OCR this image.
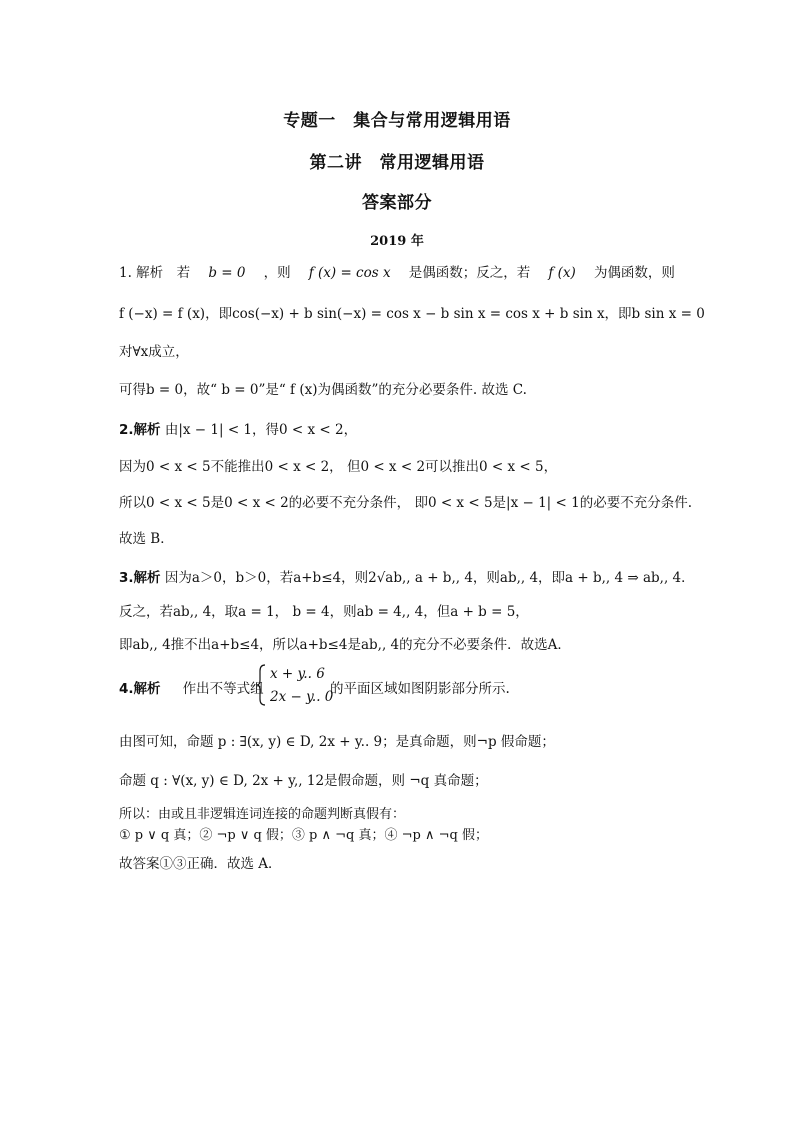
专题一　集合与常用逻辑用语
第二讲　常用逻辑用语
答案部分
2019 年
1. 解析　若 b = 0 ，则 f (x) = cos x 是偶函数；反之，若 f (x) 为偶函数，则
f (−x) = f (x)，即cos(−x) + b sin(−x) = cos x − b sin x = cos x + b sin x，即b sin x = 0
对∀x成立，
可得b = 0，故“ b = 0”是“ f (x)为偶函数”的充分必要条件. 故选 C.
2.解析 由|x − 1| < 1，得0 < x < 2，
因为0 < x < 5不能推出0 < x < 2， 但0 < x < 2可以推出0 < x < 5，
所以0 < x < 5是0 < x < 2的必要不充分条件， 即0 < x < 5是|x − 1| < 1的必要不充分条件.
故选 B．
3.解析 因为a＞0，b＞0，若a+b≤4，则2√ab,, a + b,, 4，则ab,, 4，即a + b,, 4 ⇒ ab,, 4．
反之，若ab,, 4，取a = 1， b = 4，则ab = 4,, 4，但a + b = 5，
即ab,, 4推不出a+b≤4，所以a+b≤4是ab,, 4的充分不必要条件．故选A．
4.解析 　 作出不等式组
x + y.. 6
2x − y.. 0
的平面区域如图阴影部分所示.
由图可知，命题 p : ∃(x, y) ∈ D, 2x + y.. 9；是真命题，则¬p 假命题；
命题 q : ∀(x, y) ∈ D, 2x + y,, 12是假命题，则 ¬q 真命题；
所以：由或且非逻辑连词连接的命题判断真假有：
① p ∨ q 真；② ¬p ∨ q 假；③ p ∧ ¬q 真；④ ¬p ∧ ¬q 假；
故答案①③正确．故选 A．
